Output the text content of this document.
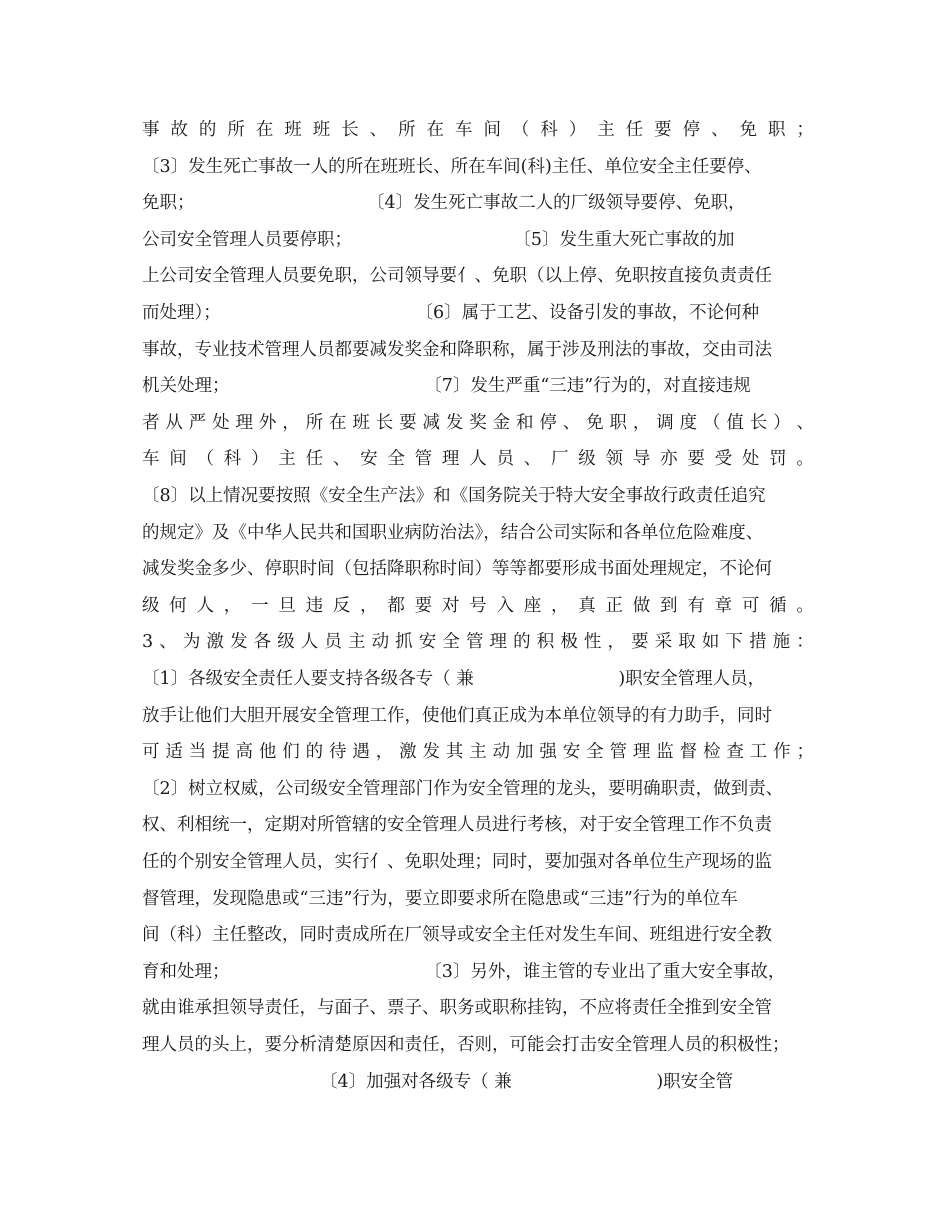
事 故 的 所 在 班 班 长 、 所 在 车 间 （ 科 ） 主 任 要 停 、 免 职 ；
〔3〕发生死亡事故一人的所在班班长、所在车间(科)主任、单位安全主任要停、
免职；                               〔4〕发生死亡事故二人的厂级领导要停、免职，
公司安全管理人员要停职；                             〔5〕发生重大死亡事故的加
上公司安全管理人员要免职，公司领导要亻、免职（以上停、免职按直接负责责任
而处理）；                                   〔6〕属于工艺、设备引发的事故，不论何种
事故，专业技术管理人员都要减发奖金和降职称，属于涉及刑法的事故，交由司法
机关处理；                                   〔7〕发生严重“三违”行为的，对直接违规
者 从 严 处 理 外 ， 所 在 班 长 要 减 发 奖 金 和 停 、 免 职 ， 调 度 （ 值 长 ） 、
车 间 （ 科 ） 主 任 、 安 全 管 理 人 员 、 厂 级 领 导 亦 要 受 处 罚 。
〔8〕以上情况要按照《安全生产法》和《国务院关于特大安全事故行政责任追究
的规定》及《中华人民共和国职业病防治法》，结合公司实际和各单位危险难度、
减发奖金多少、停职时间（包括降职称时间）等等都要形成书面处理规定，不论何
级 何 人 ， 一 旦 违 反 ， 都 要 对 号 入 座 ， 真 正 做 到 有 章 可 循 。
3 、 为 激 发 各 级 人 员 主 动 抓 安 全 管 理 的 积 极 性 ， 要 采 取 如 下 措 施 ：
〔1〕各级安全责任人要支持各级各专（ 兼                          )职安全管理人员，
放手让他们大胆开展安全管理工作，使他们真正成为本单位领导的有力助手，同时
可 适 当 提 高 他 们 的 待 遇 ， 激 发 其 主 动 加 强 安 全 管 理 监 督 检 查 工 作 ；
〔2〕树立权威，公司级安全管理部门作为安全管理的龙头，要明确职责，做到责、
权、利相统一，定期对所管辖的安全管理人员进行考核，对于安全管理工作不负责
任的个别安全管理人员，实行亻、免职处理；同时，要加强对各单位生产现场的监
督管理，发现隐患或“三违”行为，要立即要求所在隐患或“三违”行为的单位车
间（科）主任整改，同时责成所在厂领导或安全主任对发生车间、班组进行安全教
育和处理；                                   〔3〕另外，谁主管的专业出了重大安全事故，
就由谁承担领导责任，与面子、票子、职务或职称挂钩，不应将责任全推到安全管
理人员的头上，要分析清楚原因和责任，否则，可能会打击安全管理人员的积极性；
〔4〕加强对各级专（ 兼                          )职安全管
